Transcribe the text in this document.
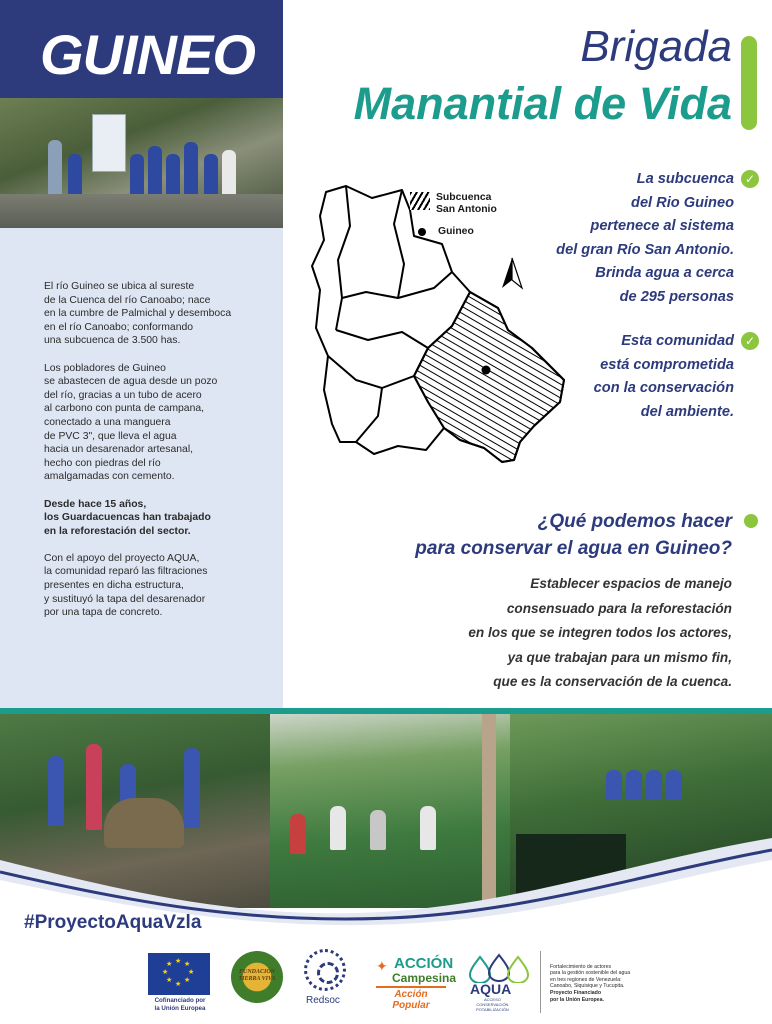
GUINEO

El río Guineo se ubica al sureste
de la Cuenca del río Canoabo; nace
en la cumbre de Palmichal y desemboca
en el río Canoabo; conformando
una subcuenca de 3.500 has.

Los pobladores de Guineo
se abastecen de agua desde un pozo
del río, gracias a un tubo de acero
al carbono con punta de campana,
conectado a una manguera
de PVC 3", que lleva el agua
hacia un desarenador artesanal,
hecho con piedras del río
amalgamadas con cemento.

Desde hace 15 años,
los Guardacuencas han trabajado
en la reforestación del sector.

Con el apoyo del proyecto AQUA,
la comunidad reparó las filtraciones
presentes en dicha estructura,
y sustituyó la tapa del desarenador
por una tapa de concreto.

Brigada
Manantial de Vida
Subcuenca
San Antonio
Guineo
La subcuenca
del Rio Guineo
pertenece al sistema
del gran Río San Antonio.
Brinda agua a cerca
de 295 personas
✓
Esta comunidad
está comprometida
con la conservación
del ambiente.
✓
¿Qué podemos hacer
para conservar el agua en Guineo?
Establecer espacios de manejo
consensuado para la reforestación
en los que se integren todos los actores,
ya que trabajan para un mismo fin,
que es la conservación de la cuenca.
#ProyectoAquaVzla
★ ★
★
★
★
★
★
★
Cofinanciado por
la Unión Europea
FUNDACIÓN
TIERRA VIVA
Redsoc
✦ ACCIÓN
Campesina
Acción Popular
AQUA
ACCESO
CONSERVACIÓN
POTABILIZACIÓN

Fortalecimiento de actores
para la gestión sostenible del agua
en tres regiones de Venezuela:
Canoabo, Siquisique y Tucupita.

Proyecto Financiado
por la Unión Europea.
